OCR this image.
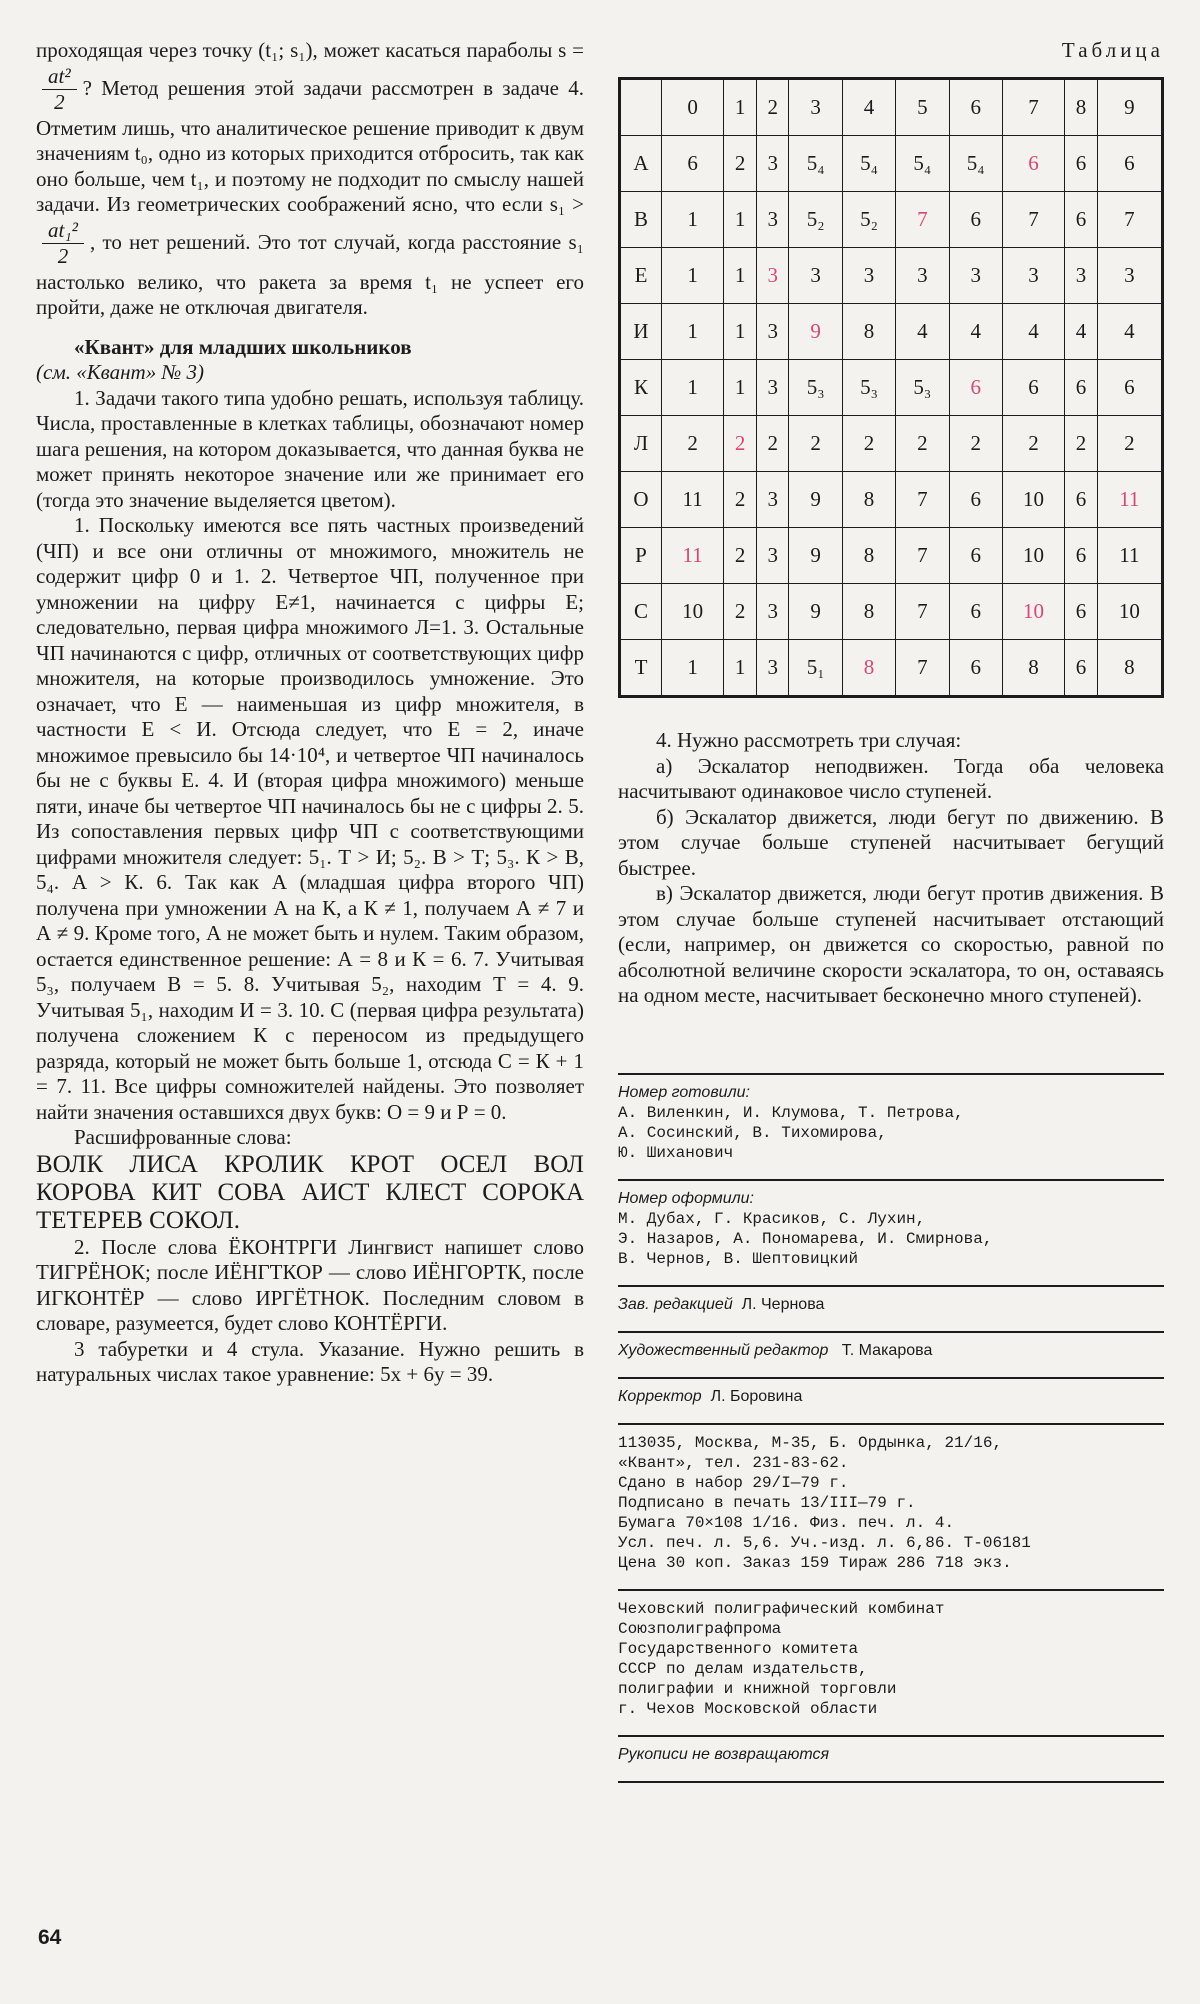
проходящая через точку (t₁; s₁), может касаться параболы s =
$\frac{\text{at²}}{2}$ ? Метод решения этой задачи рассмотрен в задаче 4. Отметим лишь, что аналитическое решение приводит к двум значениям t₀, одно из которых приходится отбросить, так как оно больше, чем t₁, и поэтому не подходит по смыслу нашей задачи. Из геометрических соображений ясно, что если s₁ >
$\frac{\text{at₁²}}{2}$ , то нет решений. Это тот случай, когда расстояние s₁ настолько велико, что ракета за время t₁ не успеет его пройти, даже не отключая двигателя.

«Квант» для младших школьников

(см. «Квант» № 3)

1. Задачи такого типа удобно решать, используя таблицу. Числа, проставленные в клетках таблицы, обозначают номер шага решения, на котором доказывается, что данная буква не может принять некоторое значение или же принимает его (тогда это значение выделяется цветом).

1. Поскольку имеются все пять частных произведений (ЧП) и все они отличны от множимого, множитель не содержит цифр 0 и 1. 2. Четвертое ЧП, полученное при умножении на цифру Е≠1, начинается с цифры Е; следовательно, первая цифра множимого Л=1. 3. Остальные ЧП начинаются с цифр, отличных от соответствующих цифр множителя, на которые производилось умножение. Это означает, что Е — наименьшая из цифр множителя, в частности Е < И. Отсюда следует, что Е = 2, иначе множимое превысило бы 14·10⁴, и четвертое ЧП начиналось бы не с буквы Е. 4. И (вторая цифра множимого) меньше пяти, иначе бы четвертое ЧП начиналось бы не с цифры 2. 5. Из сопоставления первых цифр ЧП с соответствующими цифрами множителя следует: 5₁. Т > И; 5₂. В > Т; 5₃. К > В, 5₄. А > К. 6. Так как А (младшая цифра второго ЧП) получена при умножении А на К, а К ≠ 1, получаем А ≠ 7 и А ≠ 9. Кроме того, А не может быть и нулем. Таким образом, остается единственное решение: А = 8 и К = 6. 7. Учитывая 5₃, получаем В = 5. 8. Учитывая 5₂, находим Т = 4. 9. Учитывая 5₁, находим И = 3. 10. С (первая цифра результата) получена сложением К с переносом из предыдущего разряда, который не может быть больше 1, отсюда С = К + 1 = 7. 11. Все цифры сомножителей найдены. Это позволяет найти значения оставшихся двух букв: О = 9 и Р = 0.

Расшифрованные слова:

ВОЛК ЛИСА КРОЛИК КРОТ ОСЕЛ ВОЛ КОРОВА КИТ СОВА АИСТ КЛЕСТ СОРОКА ТЕТЕРЕВ СОКОЛ.

2. После слова ЁКОНТРГИ Лингвист напишет слово ТИГРЁНОК; после ИЁНГТКОР — слово ИЁНГОРТК, после ИГКОНТЁР — слово ИРГЁТНОК. Последним словом в словаре, разумеется, будет слово КОНТЁРГИ.

3 табуретки и 4 стула. Указание. Нужно решить в натуральных числах такое уравнение: 5x + 6y = 39.

64
Таблица
	0	1	2	3	4	5	6	7	8	9
А	6	2	3	5₄	5₄	5₄	5₄	6	6	6
В	1	1	3	5₂	5₂	7	6	7	6	7
Е	1	1	3	3	3	3	3	3	3	3
И	1	1	3	9	8	4	4	4	4	4
К	1	1	3	5₃	5₃	5₃	6	6	6	6
Л	2	2	2	2	2	2	2	2	2	2
О	11	2	3	9	8	7	6	10	6	11
Р	11	2	3	9	8	7	6	10	6	11
С	10	2	3	9	8	7	6	10	6	10
Т	1	1	3	5₁	8	7	6	8	6	8

4. Нужно рассмотреть три случая:

а) Эскалатор неподвижен. Тогда оба человека насчитывают одинаковое число ступеней.

б) Эскалатор движется, люди бегут по движению. В этом случае больше ступеней насчитывает бегущий быстрее.

в) Эскалатор движется, люди бегут против движения. В этом случае больше ступеней насчитывает отстающий (если, например, он движется со скоростью, равной по абсолютной величине скорости эскалатора, то он, оставаясь на одном месте, насчитывает бесконечно много ступеней).

Номер готовили:
А. Виленкин, И. Клумова, Т. Петрова,
А. Сосинский, В. Тихомирова,
Ю. Шиханович
Номер оформили:
М. Дубах, Г. Красиков, С. Лухин,
Э. Назаров, А. Пономарева, И. Смирнова,
В. Чернов, В. Шептовицкий
Зав. редакцией Л. Чернова
Художественный редактор Т. Макарова
Корректор Л. Боровина
113035, Москва, М-35, Б. Ордынка, 21/16,
«Квант», тел. 231-83-62.
Сдано в набор 29/I—79 г.
Подписано в печать 13/III—79 г.
Бумага 70×108 1/16. Физ. печ. л. 4.
Усл. печ. л. 5,6. Уч.-изд. л. 6,86. Т-06181
Цена 30 коп. Заказ 159 Тираж 286 718 экз.
Чеховский полиграфический комбинат
Союзполиграфпрома
Государственного комитета
СССР по делам издательств,
полиграфии и книжной торговли
г. Чехов Московской области
Рукописи не возвращаются
